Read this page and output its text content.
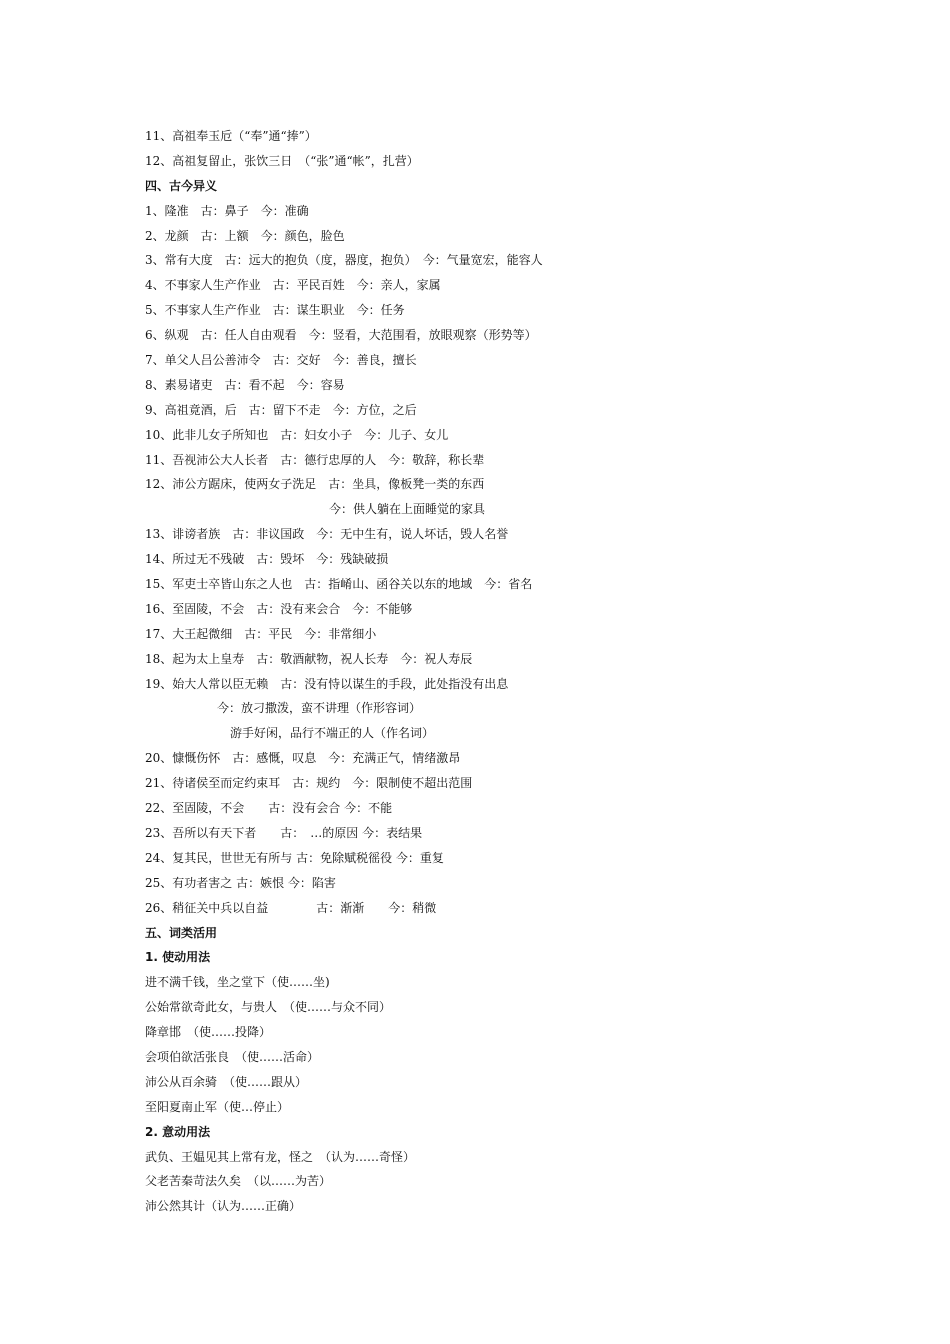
11、高祖奉玉卮（“奉”通“捧”）
12、高祖复留止，张饮三日　（“张”通“帐”，扎营）
四、古今异义
1、隆准　古：鼻子　今：准确
2、龙颜　古：上额　今：颜色，脸色
3、常有大度　古：远大的抱负（度，器度，抱负）　今：气量宽宏，能容人
4、不事家人生产作业　古：平民百姓　今：亲人，家属
5、不事家人生产作业　古：谋生职业　今：任务
6、纵观　古：任人自由观看　今：竖看，大范围看，放眼观察（形势等）
7、单父人吕公善沛令　古：交好　今：善良，擅长
8、素易诸吏　古：看不起　今：容易
9、高祖竟酒，后　古：留下不走　今：方位，之后
10、此非儿女子所知也　古：妇女小子　今：儿子、女儿
11、吾视沛公大人长者　古：德行忠厚的人　今：敬辞，称长辈
12、沛公方踞床，使两女子洗足　古：坐具，像板凳一类的东西
今：供人躺在上面睡觉的家具
13、诽谤者族　古：非议国政　今：无中生有，说人坏话，毁人名誉
14、所过无不残破　古：毁坏　今：残缺破损
15、军吏士卒皆山东之人也　古：指崤山、函谷关以东的地域　今：省名
16、至固陵，不会　古：没有来会合　今：不能够
17、大王起微细　古：平民　今：非常细小
18、起为太上皇寿　古：敬酒献物，祝人长寿　今：祝人寿辰
19、始大人常以臣无赖　古：没有恃以谋生的手段，此处指没有出息
今：放刁撒泼，蛮不讲理（作形容词）
游手好闲，品行不端正的人（作名词）
20、慷慨伤怀　古：感慨，叹息　今：充满正气，情绪激昂
21、待诸侯至而定约束耳　古：规约　今：限制使不超出范围
22、至固陵，不会　　古：没有会合 今：不能
23、吾所以有天下者　　古：　…的原因 今：表结果
24、复其民，世世无有所与 古：免除赋税徭役 今：重复
25、有功者害之 古：嫉恨 今：陷害
26、稍征关中兵以自益　　　　古：渐渐　　今：稍微
五、词类活用
1. 使动用法
进不满千钱，坐之堂下（使……坐)
公始常欲奇此女，与贵人　（使……与众不同）
降章邯　（使……投降）
会项伯欲活张良　（使……活命）
沛公从百余骑　（使……跟从）
至阳夏南止军（使…停止）
2. 意动用法
武负、王媪见其上常有龙，怪之　（认为……奇怪）
父老苦秦苛法久矣　（以……为苦）
沛公然其计（认为……正确）
